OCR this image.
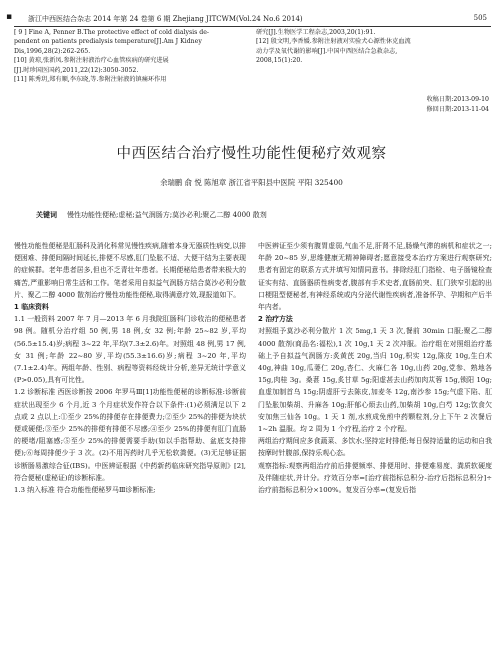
▪ 浙江中西医结合杂志 2014 年第 24 卷第 6 期 Zhejiang JITCWM(Vol.24 No.6 2014)	505
[ 9 ] Fine A, Penner B.The protective effect of cold dialysis de-
pendent on patients predialysis temperature[J].Am J Kidney
Dis,1996,28(2):262-265.
[10] 黄琼,张新凤.参附注射液治疗心血管疾病的研究进展
[J].时珍国医国药,2011,22(12):3050-3052.
[11] 陈秀玥,郑有顺,李东晓,等.参附注射液的镇痛环作用
研究[J].生物医学工程杂志,2003,20(1):91.
[12] 殷文明,李香媛.参附注射液对实验犬心源性休克血流
动力学及氧代谢的影响[J].中国中西医结合急救杂志,
2008,15(1):20.
收稿日期:2013-09-10
修回日期:2013-11-04
中西医结合治疗慢性功能性便秘疗效观察
余瑞鹏 俞 悦 陈旭章 浙江省平阳县中医院 平阳 325400
关键词 慢性功能性便秘;虚秘;益气润肠方;莫沙必利;聚乙二醇 4000 散剂

慢性功能性便秘是肛肠科及消化科常见慢性疾病,随着本身无器质性病变,以排便困难、排便间隔时间延长,排便不尽感,肛门坠胀不适、大便干结为主要表现的症候群。老年患者居多,但也不乏青壮年患者。长期便秘给患者带来极大的痛苦,严重影响日常生活和工作。笔者采用自拟益气润肠方结合莫沙必利分散片、聚乙二醇 4000 散剂治疗慢性功能性便秘,取得满意疗效,现报道如下。

1 临床资料

1.1 一般资料 2007 年 7 月—2013 年 6 月我院肛肠科门诊收治的便秘患者 98 例。随机分治疗组 50 例,男 18 例,女 32 例;年龄 25~82 岁,平均(56.5±15.4)岁;病程 3~22 年,平均(7.3±2.6)年。对照组 48 例,男 17 例,女 31 例;年龄 22~80 岁,平均(55.3±16.6)岁;病程 3~20 年,平均(7.1±2.4)年。两组年龄、性别、病程等资料经统计分析,差异无统计学意义(P>0.05),具有可比性。

1.2 诊断标准 西医诊断按 2006 年罗马Ⅲ[1]功能性便秘的诊断标准:诊断前症状出现至少 6 个月,近 3 个月症状发作符合以下条件:(1)必须满足以下 2 点或 2 点以上:①至少 25%的排便存在排便费力;②至少 25%的排便为块状便或硬便;③至少 25%的排便有排便不尽感;④至少 25%的排便有肛门直肠的梗堵/阻塞感;⑤至少 25%的排便需要手助(如以手指帮助、盆底支持排便);⑥每周排便少于 3 次。(2)不用泻药时几乎无松软粪便。(3)无足够证据诊断肠易激综合征(IBS)。中医辨证根据《中药新药临床研究指导原则》[2],符合便秘(虚秘证)的诊断标准。

1.3 纳入标准 符合功能性便秘罗马Ⅲ诊断标准;

中医辨证至少须有腹胃虚弱,气血不足,肝肾不足,肠燥气滞的病机和症状之一;年龄 20~85 岁,思维健康无精神障碍者;愿意接受本治疗方案进行观察研究;患者有固定的联系方式并填写知情同意书。排除经肛门指检、电子肠镜检查证实有结、直肠器质性病变者,腹部有手术史者,直肠前突、肛门狭窄引起的出口梗阻型便秘者,有神经系统或内分泌代谢性疾病者,准备怀孕、孕期和产后半年内者。

2 治疗方法

对照组予莫沙必利分散片 1 次 5mg,1 天 3 次,餐前 30min 口服;聚乙二醇 4000 散剂(商品名:福松),1 次 10g,1 天 2 次冲服。治疗组在对照组治疗基础上予自拟益气润肠方:炙黄芪 20g,当归 10g,枳实 12g,陈皮 10g,生白术 40g,神曲 10g,瓜蒌仁 20g,杏仁、火麻仁各 10g,山药 20g,党参、熟地各 15g,肉桂 3g。桑葚 15g,炙甘草 5g;阳虚甚去山药加肉苁蓉 15g,锁阳 10g;血虚加制首乌 15g;阴虚肝亏去陈皮,加麦冬 12g,南沙参 15g;气虚下陷、肛门坠胀加柴胡、升麻各 10g;肝郁心烦去山药,加柴胡 10g,白芍 12g;饮食欠安加焦三仙各 10g。1 天 1 剂,水煎成免煎中药颗粒剂,分上下午 2 次餐后 1~2h 温服。均 2 周为 1 个疗程,治疗 2 个疗程。

两组治疗期间应多食蔬菜、多饮水;坚持定时排便;每日保持适量的运动和自我按摩时针腹部,保持乐观心态。

观察指标:观察两组治疗前后排便频率、排便用时、排便难易度、粪质软硬度及伴随症状,并计分。疗效百分率=[治疗前指标总积分-治疗后指标总积分]÷治疗前指标总积分×100%。复发百分率=(复发后指
